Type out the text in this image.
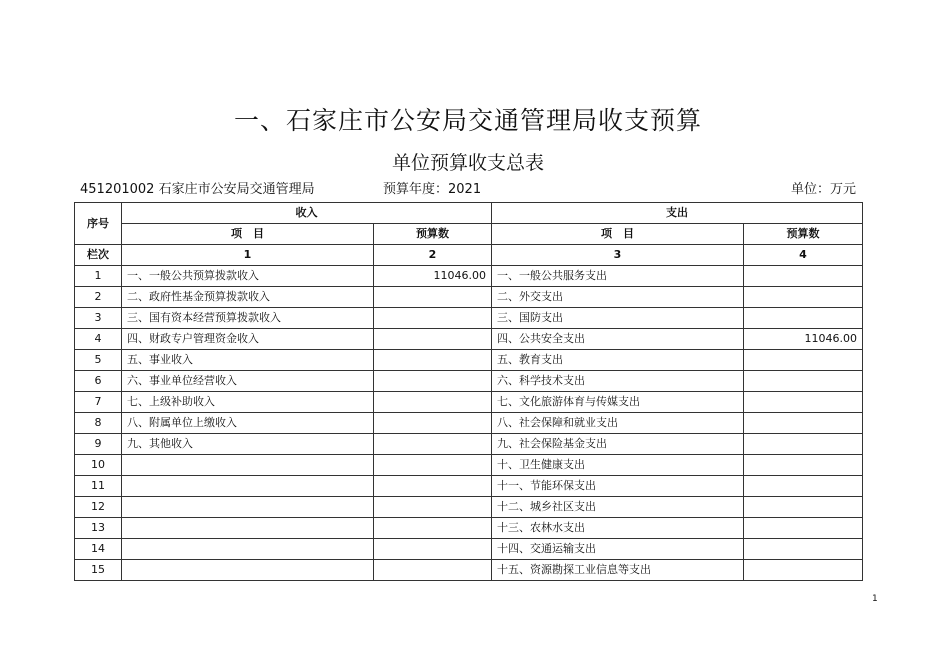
一、石家庄市公安局交通管理局收支预算
单位预算收支总表
451201002 石家庄市公安局交通管理局	预算年度：2021	单位：万元
序号	收入		支出	
	项　目	预算数	项　目	预算数
栏次	1	2	3	4
1	一、一般公共预算拨款收入	11046.00	一、一般公共服务支出	
2	二、政府性基金预算拨款收入		二、外交支出	
3	三、国有资本经营预算拨款收入		三、国防支出	
4	四、财政专户管理资金收入		四、公共安全支出	11046.00
5	五、事业收入		五、教育支出	
6	六、事业单位经营收入		六、科学技术支出	
7	七、上级补助收入		七、文化旅游体育与传媒支出	
8	八、附属单位上缴收入		八、社会保障和就业支出	
9	九、其他收入		九、社会保险基金支出	
10			十、卫生健康支出	
11			十一、节能环保支出	
12			十二、城乡社区支出	
13			十三、农林水支出	
14			十四、交通运输支出	
15			十五、资源勘探工业信息等支出	
1
